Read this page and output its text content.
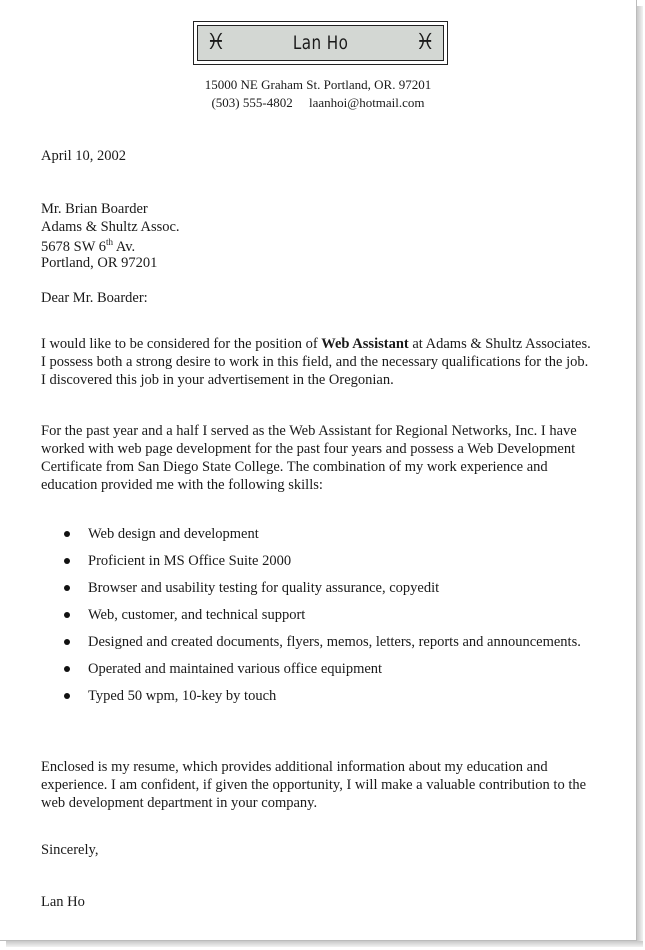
♓	Lan Ho	♓
15000 NE Graham St. Portland, OR. 97201
(503) 555-4802 laanhoi@hotmail.com
April 10, 2002
Mr. Brian Boarder
Adams & Shultz Assoc.
5678 SW 6th Av.
Portland, OR 97201
Dear Mr. Boarder:
I would like to be considered for the position of Web Assistant at Adams & Shultz Associates. I possess both a strong desire to work in this field, and the necessary qualifications for the job. I discovered this job in your advertisement in the Oregonian.
For the past year and a half I served as the Web Assistant for Regional Networks, Inc. I have worked with web page development for the past four years and possess a Web Development Certificate from San Diego State College. The combination of my work experience and education provided me with the following skills:
Web design and development
Proficient in MS Office Suite 2000
Browser and usability testing for quality assurance, copyedit
Web, customer, and technical support
Designed and created documents, flyers, memos, letters, reports and announcements.
Operated and maintained various office equipment
Typed 50 wpm, 10-key by touch
Enclosed is my resume, which provides additional information about my education and experience. I am confident, if given the opportunity, I will make a valuable contribution to the web development department in your company.
Sincerely,
Lan Ho
